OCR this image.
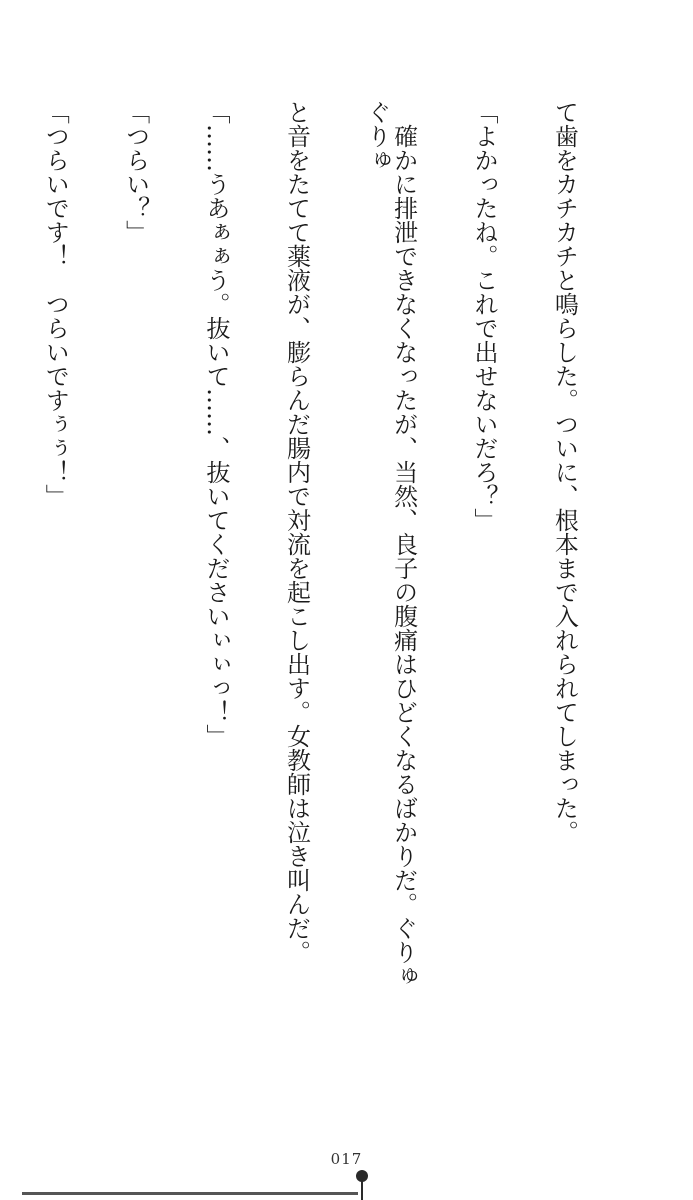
て歯をカチカチと鳴らした。ついに、根本まで入れられてしまった。

「よかったね。これで出せないだろ？」

　確かに排泄できなくなったが、当然、良子の腹痛はひどくなるばかりだ。ぐりゅぐりゅ

と音をたてて薬液が、膨らんだ腸内で対流を起こし出す。女教師は泣き叫んだ。

「……うあぁぁう。抜いて……、抜いてくださいぃぃっ！」

「つらい？」

「つらいです！　つらいですぅぅ！」

017
